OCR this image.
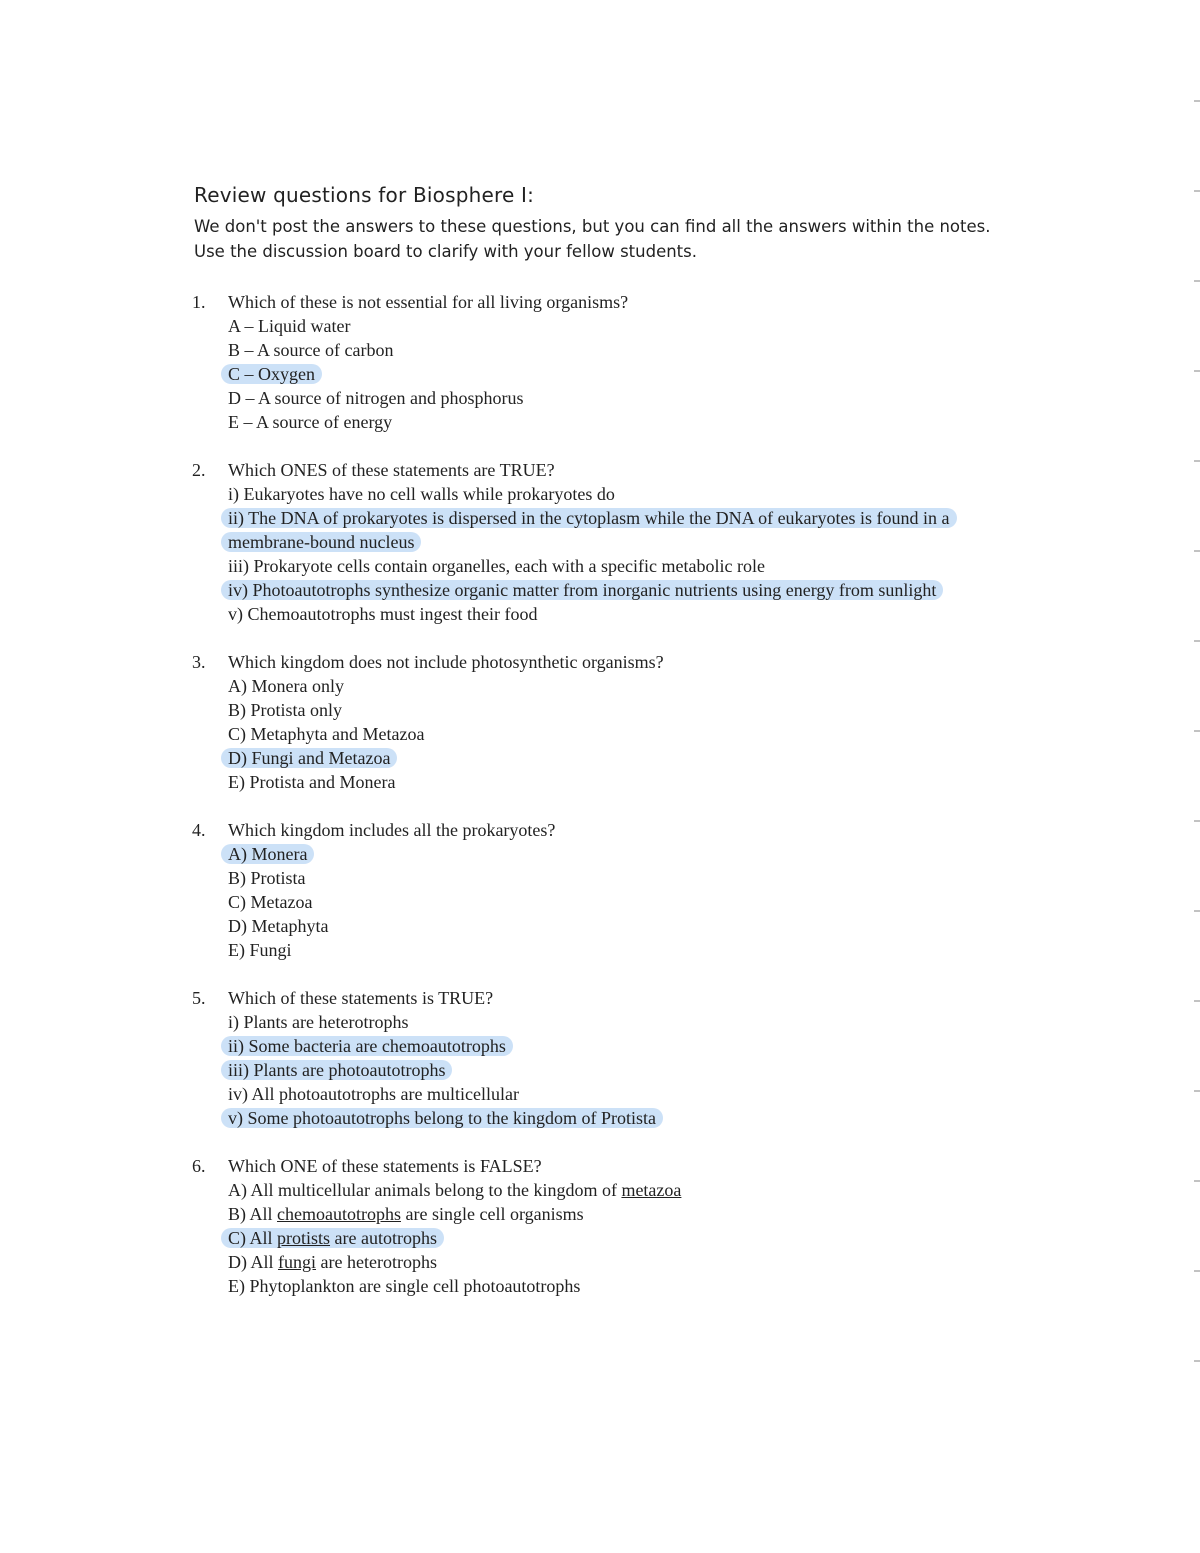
Review questions for Biosphere I:
We don't post the answers to these questions, but you can find all the answers within the notes. Use the discussion board to clarify with your fellow students.
1. Which of these is not essential for all living organisms?
A – Liquid water
B – A source of carbon
C – Oxygen
D – A source of nitrogen and phosphorus
E – A source of energy
2. Which ONES of these statements are TRUE?
i) Eukaryotes have no cell walls while prokaryotes do
ii) The DNA of prokaryotes is dispersed in the cytoplasm while the DNA of eukaryotes is found in a membrane-bound nucleus
iii) Prokaryote cells contain organelles, each with a specific metabolic role
iv) Photoautotrophs synthesize organic matter from inorganic nutrients using energy from sunlight
v) Chemoautotrophs must ingest their food
3. Which kingdom does not include photosynthetic organisms?
A) Monera only
B) Protista only
C) Metaphyta and Metazoa
D) Fungi and Metazoa
E) Protista and Monera
4. Which kingdom includes all the prokaryotes?
A) Monera
B) Protista
C) Metazoa
D) Metaphyta
E) Fungi
5. Which of these statements is TRUE?
i) Plants are heterotrophs
ii) Some bacteria are chemoautotrophs
iii) Plants are photoautotrophs
iv) All photoautotrophs are multicellular
v) Some photoautotrophs belong to the kingdom of Protista
6. Which ONE of these statements is FALSE?
A) All multicellular animals belong to the kingdom of metazoa
B) All chemoautotrophs are single cell organisms
C) All protists are autotrophs
D) All fungi are heterotrophs
E) Phytoplankton are single cell photoautotrophs
